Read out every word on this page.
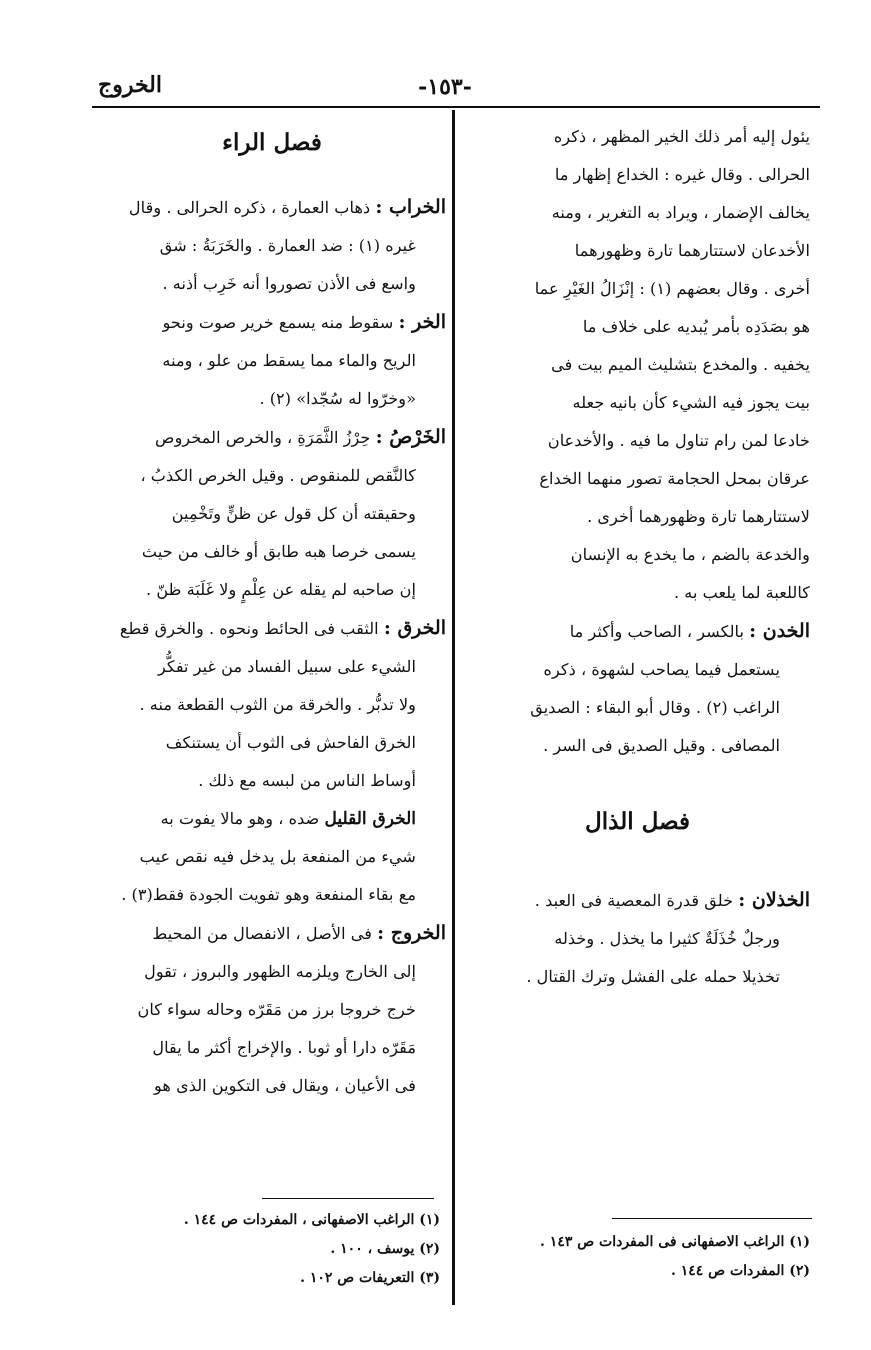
الخروج	-١٥٣-
يئول إليه أمر ذلك الخير المظهر ، ذكره
الحرالى . وقال غيره : الخداع إظهار ما
يخالف الإضمار ، ويراد به التغرير ، ومنه
الأخدعان لاستتارهما تارة وظهورهما
أخرى . وقال بعضهم (١) : إنْزَالُ الغَيْرِ عما
هو بصَدَدِه بأمر يُبديه على خلاف ما
يخفيه . والمخدع بتشليث الميم بيت فى
بيت يجوز فيه الشيء كأن بانيه جعله
خادعا لمن رام تناول ما فيه . والأخدعان
عرقان بمحل الحجامة تصور منهما الخداع
لاستتارهما تارة وظهورهما أخرى .
والخدعة بالضم ، ما يخدع به الإنسان
كاللعبة لما يلعب به .
الخدن : بالكسر ، الصاحب وأكثر ما
يستعمل فيما يصاحب لشهوة ، ذكره
الراغب (٢) . وقال أبو البقاء : الصديق
المصافى . وقيل الصديق فى السر .
فصل الذال
الخذلان : خلق قدرة المعصية فى العبد .
ورجلٌ خُذَلَةٌ كثيرا ما يخذل . وخذله
تخذيلا حمله على الفشل وترك القتال .
فصل الراء
الخراب : ذهاب العمارة ، ذكره الحرالى . وقال
غيره (١) : ضد العمارة . والخَرَبَةُ : شق
واسع فى الأذن تصوروا أنه خَرِب أذنه .
الخر : سقوط منه يسمع خرير صوت ونحو
الريح والماء مما يسقط من علو ، ومنه
«وخرّوا له سُجّدا» (٢) .
الخَرْصُ : حِرْزُ الثَّمَرَةِ ، والخرص المخروص
كالنَّقص للمنقوص . وقيل الخرص الكذبُ ،
وحقيقته أن كل قول عن ظنٍّ وتَخْمِين
يسمى خرصا هبه طابق أو خالف من حيث
إن صاحبه لم يقله عن عِلْمٍ ولا غَلَبَة ظنّ .
الخرق : الثقب فى الحائط ونحوه . والخرق قطع
الشيء على سبيل الفساد من غير تفكُّر
ولا تدبُّر . والخرقة من الثوب القطعة منه .
الخرق الفاحش فى الثوب أن يستنكف
أوساط الناس من لبسه مع ذلك .
الخرق القليل ضده ، وهو مالا يفوت به
شيء من المنفعة بل يدخل فيه نقص عيب
مع بقاء المنفعة وهو تفويت الجودة فقط(٣) .
الخروج : فى الأصل ، الانفصال من المحيط
إلى الخارج ويلزمه الظهور والبروز ، تقول
خرج خروجا برز من مَقَرّه وحاله سواء كان
مَقَرّه دارا أو ثوبا . والإخراج أكثر ما يقال
فى الأعيان ، ويقال فى التكوين الذى هو
(١) الراغب الاصفهانى ، المفردات ص ١٤٤ .
(٢) يوسف ، ١٠٠ .
(٣) التعريفات ص ١٠٢ .
(١) الراغب الاصفهانى فى المفردات ص ١٤٣ .
(٢) المفردات ص ١٤٤ .
